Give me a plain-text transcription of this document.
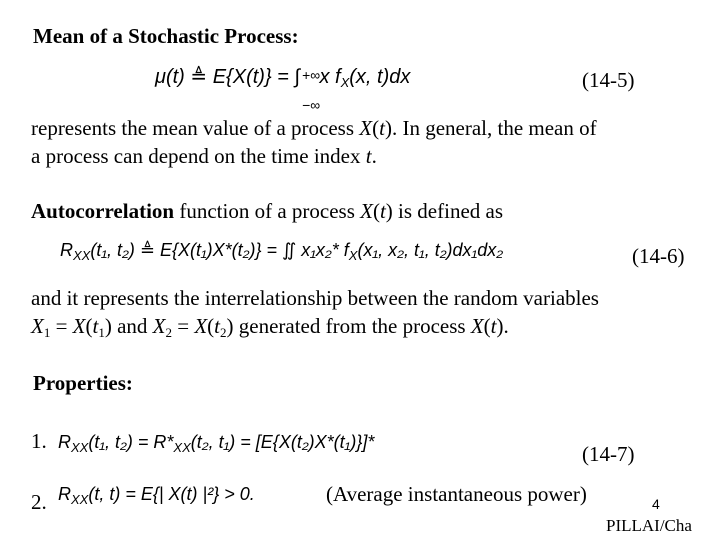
Mean of a Stochastic Process:
μ(t) ≜ E{X(t)} = ∫ +∞
−∞
x $f_X(x$, t)dx	(14-5)
represents the mean value of a process X(t). In general, the mean of
a process can depend on the time index t.
Autocorrelation function of a process X(t) is defined as
$R_{XX}(t_1$, t₂) ≜ E{X(t₁)X*(t₂)} = ∬ x₁x₂* $f_X(x_1$, x₂, t₁, t₂)dx₁dx₂	(14-6)
and it represents the interrelationship between the random variables
$X_1 = X(t_1)$ and $X_2 = X(t_2)$ generated from the process X(t).
Properties:
1. $R_{XX}(t_1$, $t_2) = R*_{XX}(t_2$, t₁) = [E{X(t₂)X*(t₁)}]*	(14-7)
2. $R_{XX}(t$, t) = E{| X(t) |²} > 0.	(Average instantaneous power)	4
PILLAI/Cha
